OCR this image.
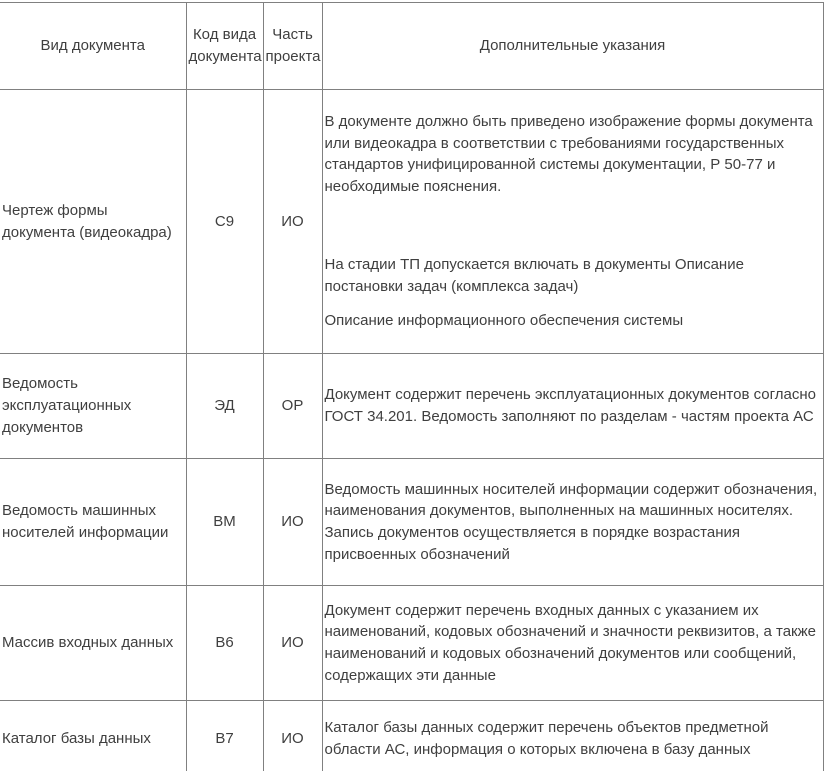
Вид документа	Код вида документа	Часть проекта	Дополнительные указания
Чертеж формы документа (видеокадра)	С9	ИО	В документе должно быть приведено изображение формы документа или видеокадра в соответствии с требованиями государственных стандартов унифицированной системы документации, Р 50-77 и необходимые пояснения.

На стадии ТП допускается включать в документы Описание постановки задач (комплекса задач)

Описание информационного обеспечения системы

Ведомость эксплуатационных документов	ЭД	ОР	Документ содержит перечень эксплуатационных документов согласно ГОСТ 34.201. Ведомость заполняют по разделам - частям проекта АС

Ведомость машинных носителей информации	ВМ	ИО	Ведомость машинных носителей информации содержит обозначения, наименования документов, выполненных на машинных носителях. Запись документов осуществляется в порядке возрастания присвоенных обозначений

Массив входных данных	В6	ИО	Документ содержит перечень входных данных с указанием их наименований, кодовых обозначений и значности реквизитов, а также наименований и кодовых обозначений документов или сообщений, содержащих эти данные

Каталог базы данных	В7	ИО	Каталог базы данных содержит перечень объектов предметной области АС, информация о которых включена в базу данных
